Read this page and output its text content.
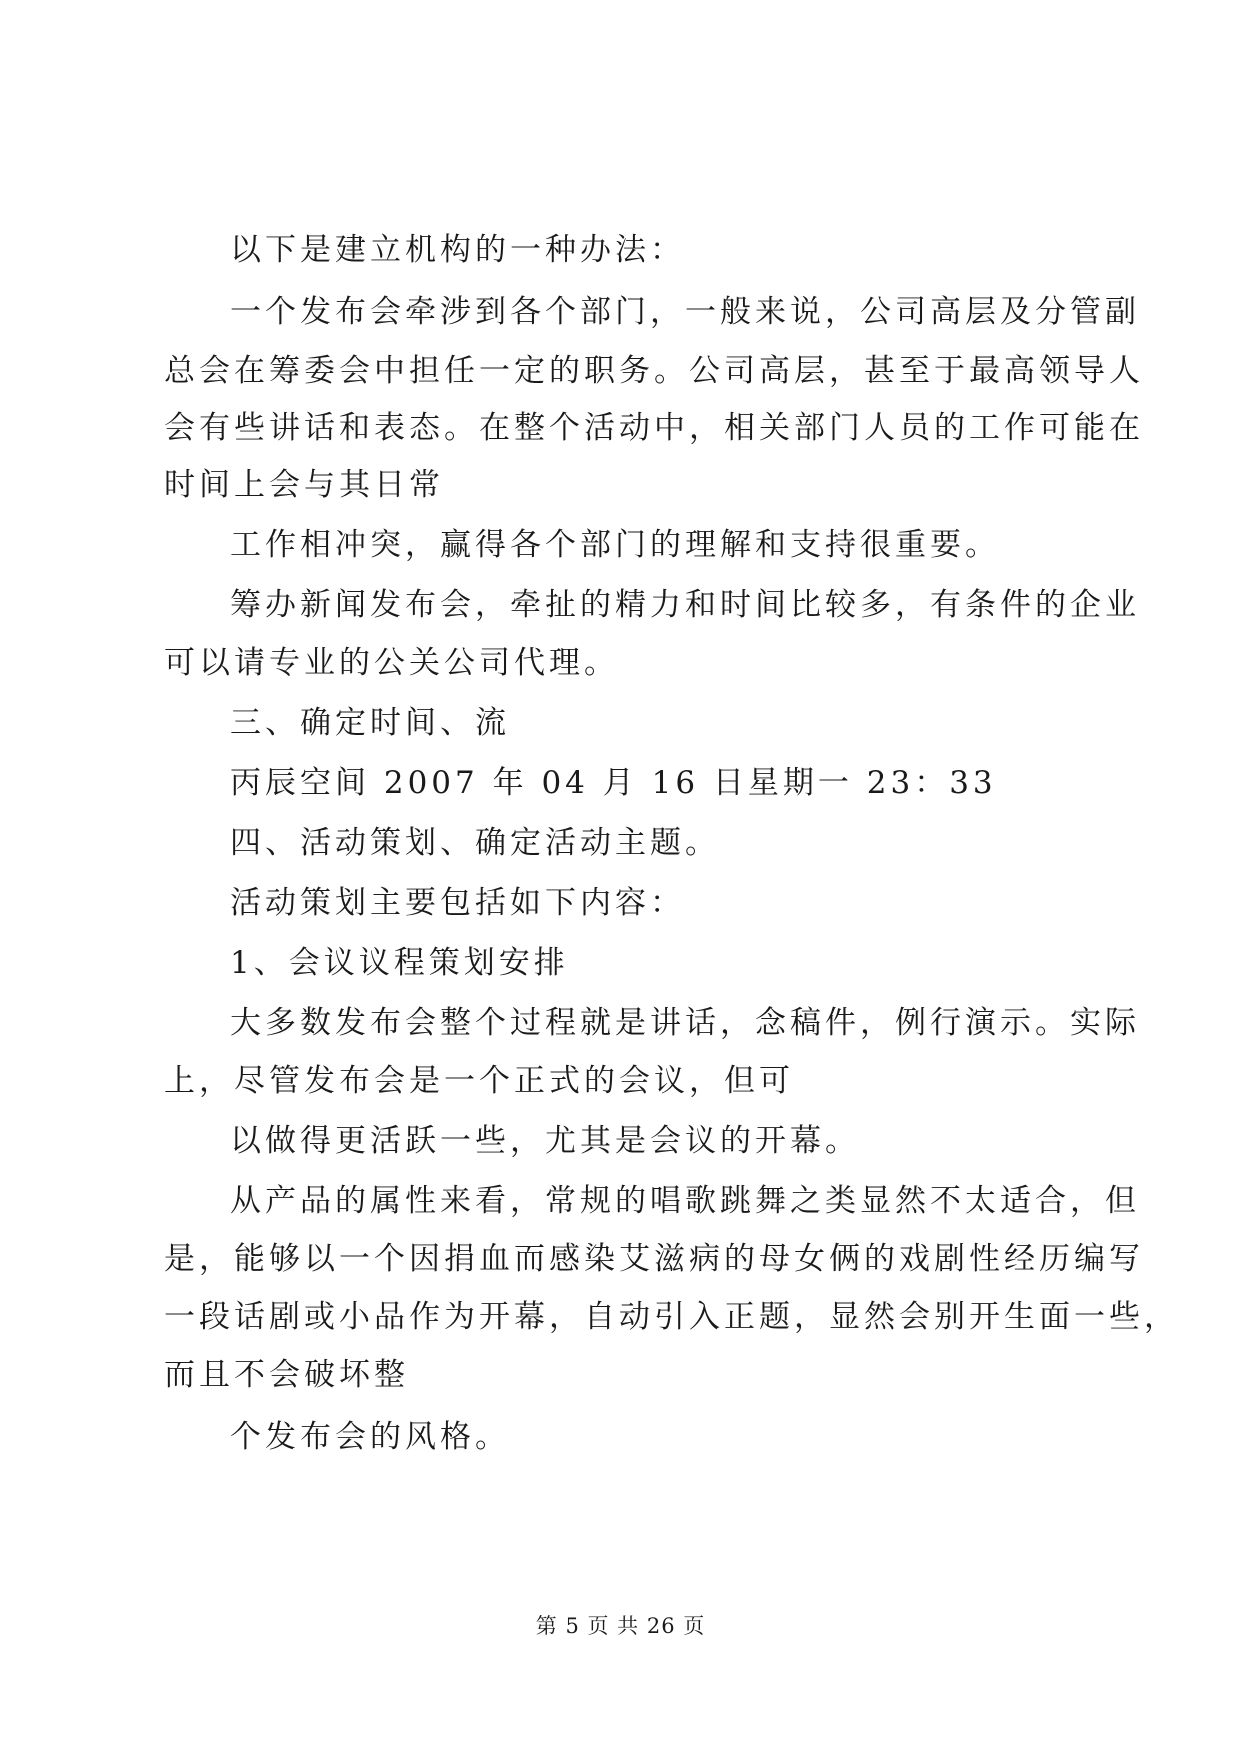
以下是建立机构的一种办法：
一个发布会牵涉到各个部门，一般来说，公司高层及分管副
总会在筹委会中担任一定的职务。公司高层，甚至于最高领导人
会有些讲话和表态。在整个活动中，相关部门人员的工作可能在
时间上会与其日常
工作相冲突，赢得各个部门的理解和支持很重要。
筹办新闻发布会，牵扯的精力和时间比较多，有条件的企业
可以请专业的公关公司代理。
三、确定时间、流
丙辰空间 2007 年 04 月 16 日星期一 23：33
四、活动策划、确定活动主题。
活动策划主要包括如下内容：
1、会议议程策划安排
大多数发布会整个过程就是讲话，念稿件，例行演示。实际
上，尽管发布会是一个正式的会议，但可
以做得更活跃一些，尤其是会议的开幕。
从产品的属性来看，常规的唱歌跳舞之类显然不太适合，但
是，能够以一个因捐血而感染艾滋病的母女俩的戏剧性经历编写
一段话剧或小品作为开幕，自动引入正题，显然会别开生面一些，
而且不会破坏整
个发布会的风格。
第 5 页 共 26 页
